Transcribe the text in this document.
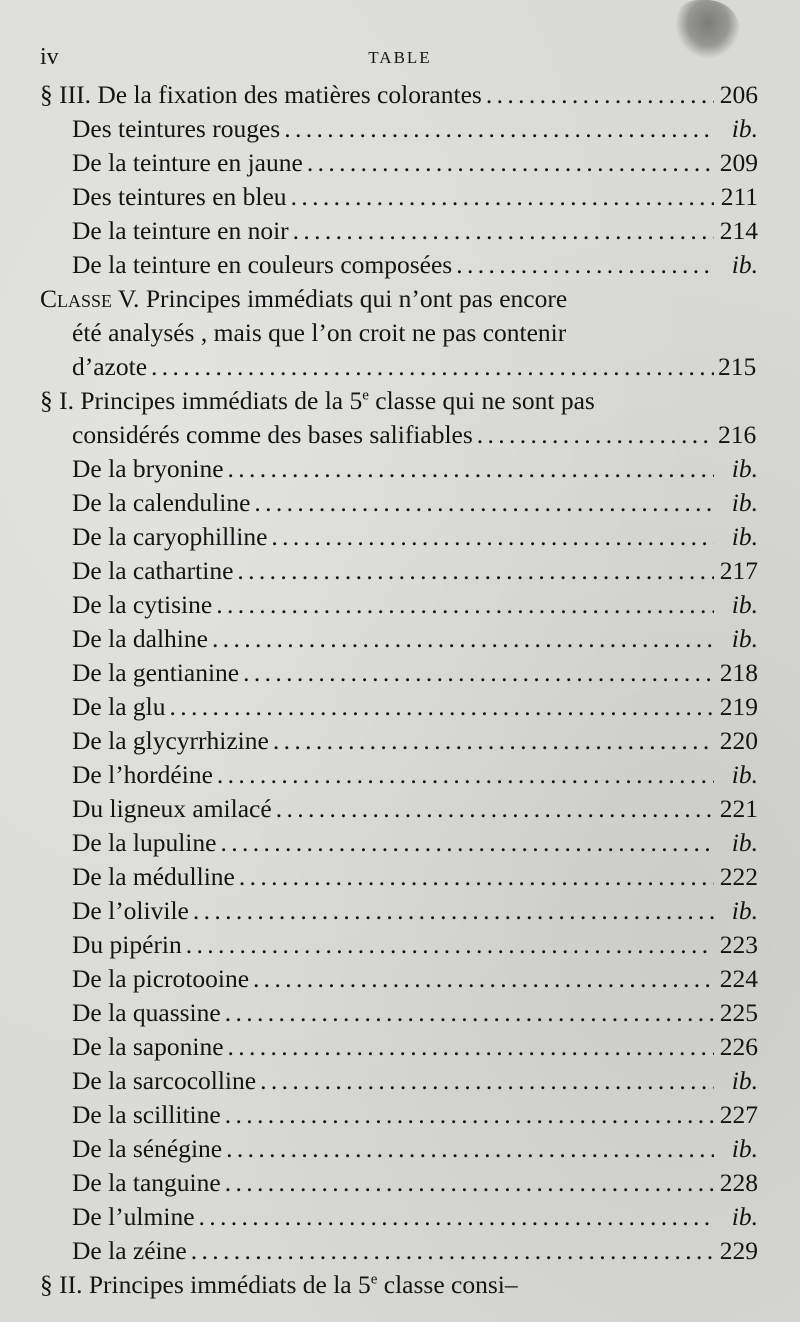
iv	TABLE
§ III. De la fixation des matières colorantes . . .	206
Des teintures rouges . . .	ib.
De la teinture en jaune . . .	209
Des teintures en bleu . . .	211
De la teinture en noir . . .	214
De la teinture en couleurs composées . . .	ib.
Classe V. Principes immédiats qui n’ont pas encore
été analysés , mais que l’on croit ne pas contenir
d’azote . . .	215
§ I. Principes immédiats de la 5e classe qui ne sont pas
considérés comme des bases salifiables . . .	216
De la bryonine . . .	ib.
De la calenduline . . .	ib.
De la caryophilline . . .	ib.
De la cathartine . . .	217
De la cytisine . . .	ib.
De la dalhine . . .	ib.
De la gentianine . . .	218
De la glu . . .	219
De la glycyrrhizine . . .	220
De l’hordéine . . .	ib.
Du ligneux amilacé . . .	221
De la lupuline . . .	ib.
De la médulline . . .	222
De l’olivile . . .	ib.
Du pipérin . . .	223
De la picrotooine . . .	224
De la quassine . . .	225
De la saponine . . .	226
De la sarcocolline . . .	ib.
De la scillitine . . .	227
De la sénégine . . .	ib.
De la tanguine . . .	228
De l’ulmine . . .	ib.
De la zéine . . .	229
§ II. Principes immédiats de la 5e classe consi–
